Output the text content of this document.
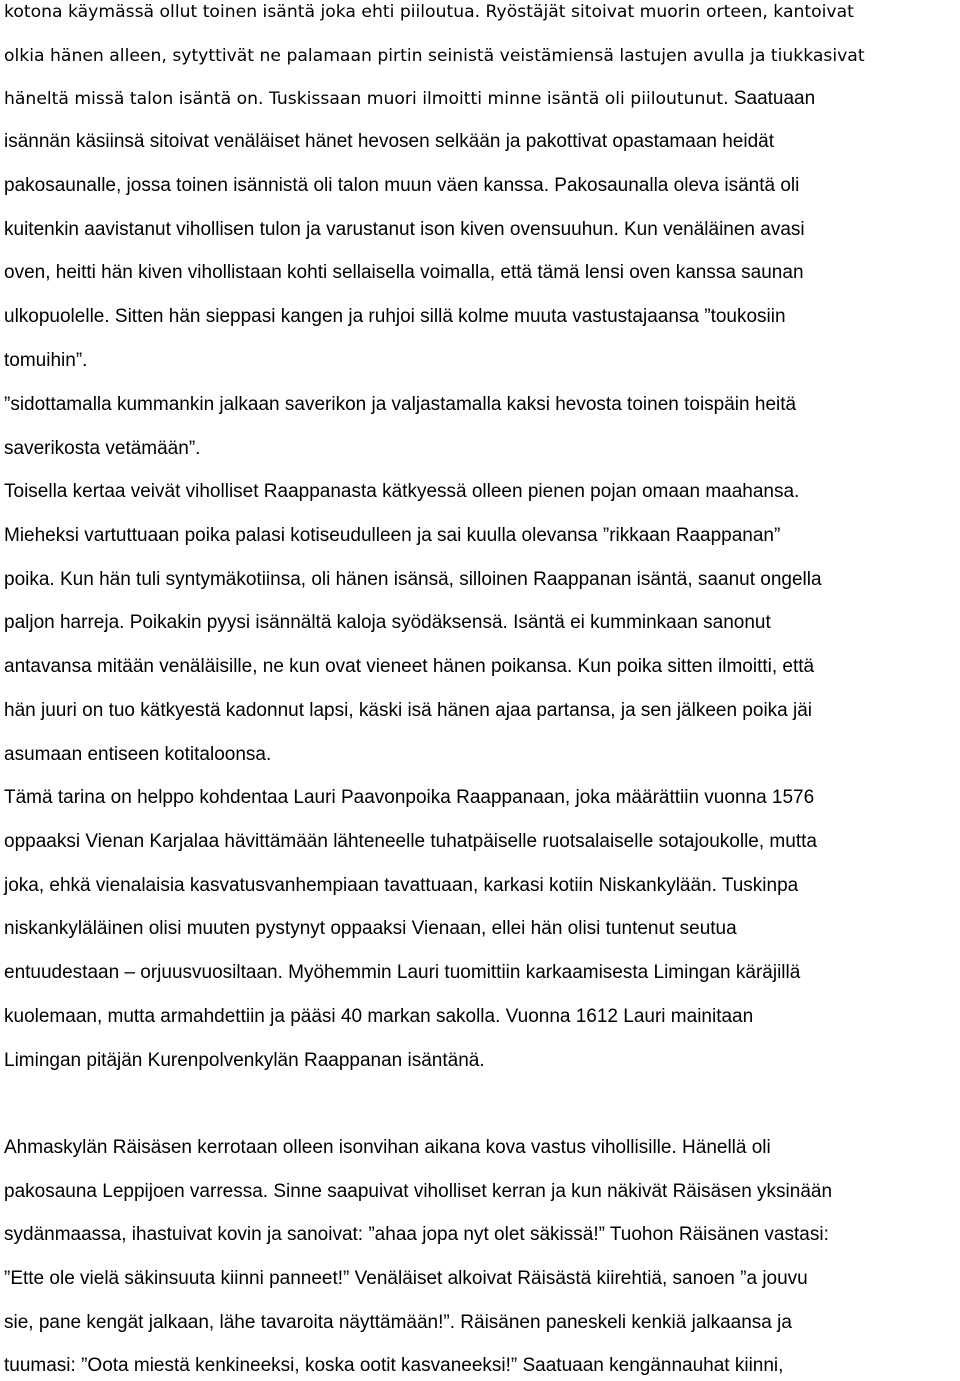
kotona käymässä ollut toinen isäntä joka ehti piiloutua. Ryöstäjät sitoivat muorin orteen, kantoivat
olkia hänen alleen, sytyttivät ne palamaan pirtin seinistä veistämiensä lastujen avulla ja tiukkasivat
häneltä missä talon isäntä on. Tuskissaan muori ilmoitti minne isäntä oli piiloutunut. Saatuaan
isännän käsiinsä sitoivat venäläiset hänet hevosen selkään ja pakottivat opastamaan heidät
pakosaunalle, jossa toinen isännistä oli talon muun väen kanssa. Pakosaunalla oleva isäntä oli
kuitenkin aavistanut vihollisen tulon ja varustanut ison kiven ovensuuhun. Kun venäläinen avasi
oven, heitti hän kiven vihollistaan kohti sellaisella voimalla, että tämä lensi oven kanssa saunan
ulkopuolelle. Sitten hän sieppasi kangen ja ruhjoi sillä kolme muuta vastustajaansa ”toukosiin
tomuihin”.
”sidottamalla kummankin jalkaan saverikon ja valjastamalla kaksi hevosta toinen toispäin heitä
saverikosta vetämään”.
Toisella kertaa veivät viholliset Raappanasta kätkyessä olleen pienen pojan omaan maahansa.
Mieheksi vartuttuaan poika palasi kotiseudulleen ja sai kuulla olevansa ”rikkaan Raappanan”
poika. Kun hän tuli syntymäkotiinsa, oli hänen isänsä, silloinen Raappanan isäntä, saanut ongella
paljon harreja. Poikakin pyysi isännältä kaloja syödäksensä. Isäntä ei kumminkaan sanonut
antavansa mitään venäläisille, ne kun ovat vieneet hänen poikansa. Kun poika sitten ilmoitti, että
hän juuri on tuo kätkyestä kadonnut lapsi, käski isä hänen ajaa partansa, ja sen jälkeen poika jäi
asumaan entiseen kotitaloonsa.
Tämä tarina on helppo kohdentaa Lauri Paavonpoika Raappanaan, joka määrättiin vuonna 1576
oppaaksi Vienan Karjalaa hävittämään lähteneelle tuhatpäiselle ruotsalaiselle sotajoukolle, mutta
joka, ehkä vienalaisia kasvatusvanhempiaan tavattuaan, karkasi kotiin Niskankylään. Tuskinpa
niskankyläläinen olisi muuten pystynyt oppaaksi Vienaan, ellei hän olisi tuntenut seutua
entuudestaan – orjuusvuosiltaan. Myöhemmin Lauri tuomittiin karkaamisesta Limingan käräjillä
kuolemaan, mutta armahdettiin ja pääsi 40 markan sakolla. Vuonna 1612 Lauri mainitaan
Limingan pitäjän Kurenpolvenkylän Raappanan isäntänä.
Ahmaskylän Räisäsen kerrotaan olleen isonvihan aikana kova vastus vihollisille. Hänellä oli
pakosauna Leppijoen varressa. Sinne saapuivat viholliset kerran ja kun näkivät Räisäsen yksinään
sydänmaassa, ihastuivat kovin ja sanoivat: ”ahaa jopa nyt olet säkissä!” Tuohon Räisänen vastasi:
”Ette ole vielä säkinsuuta kiinni panneet!” Venäläiset alkoivat Räisästä kiirehtiä, sanoen ”a jouvu
sie, pane kengät jalkaan, lähe tavaroita näyttämään!”. Räisänen paneskeli kenkiä jalkaansa ja
tuumasi: ”Oota miestä kenkineeksi, koska ootit kasvaneeksi!” Saatuaan kengännauhat kiinni,
